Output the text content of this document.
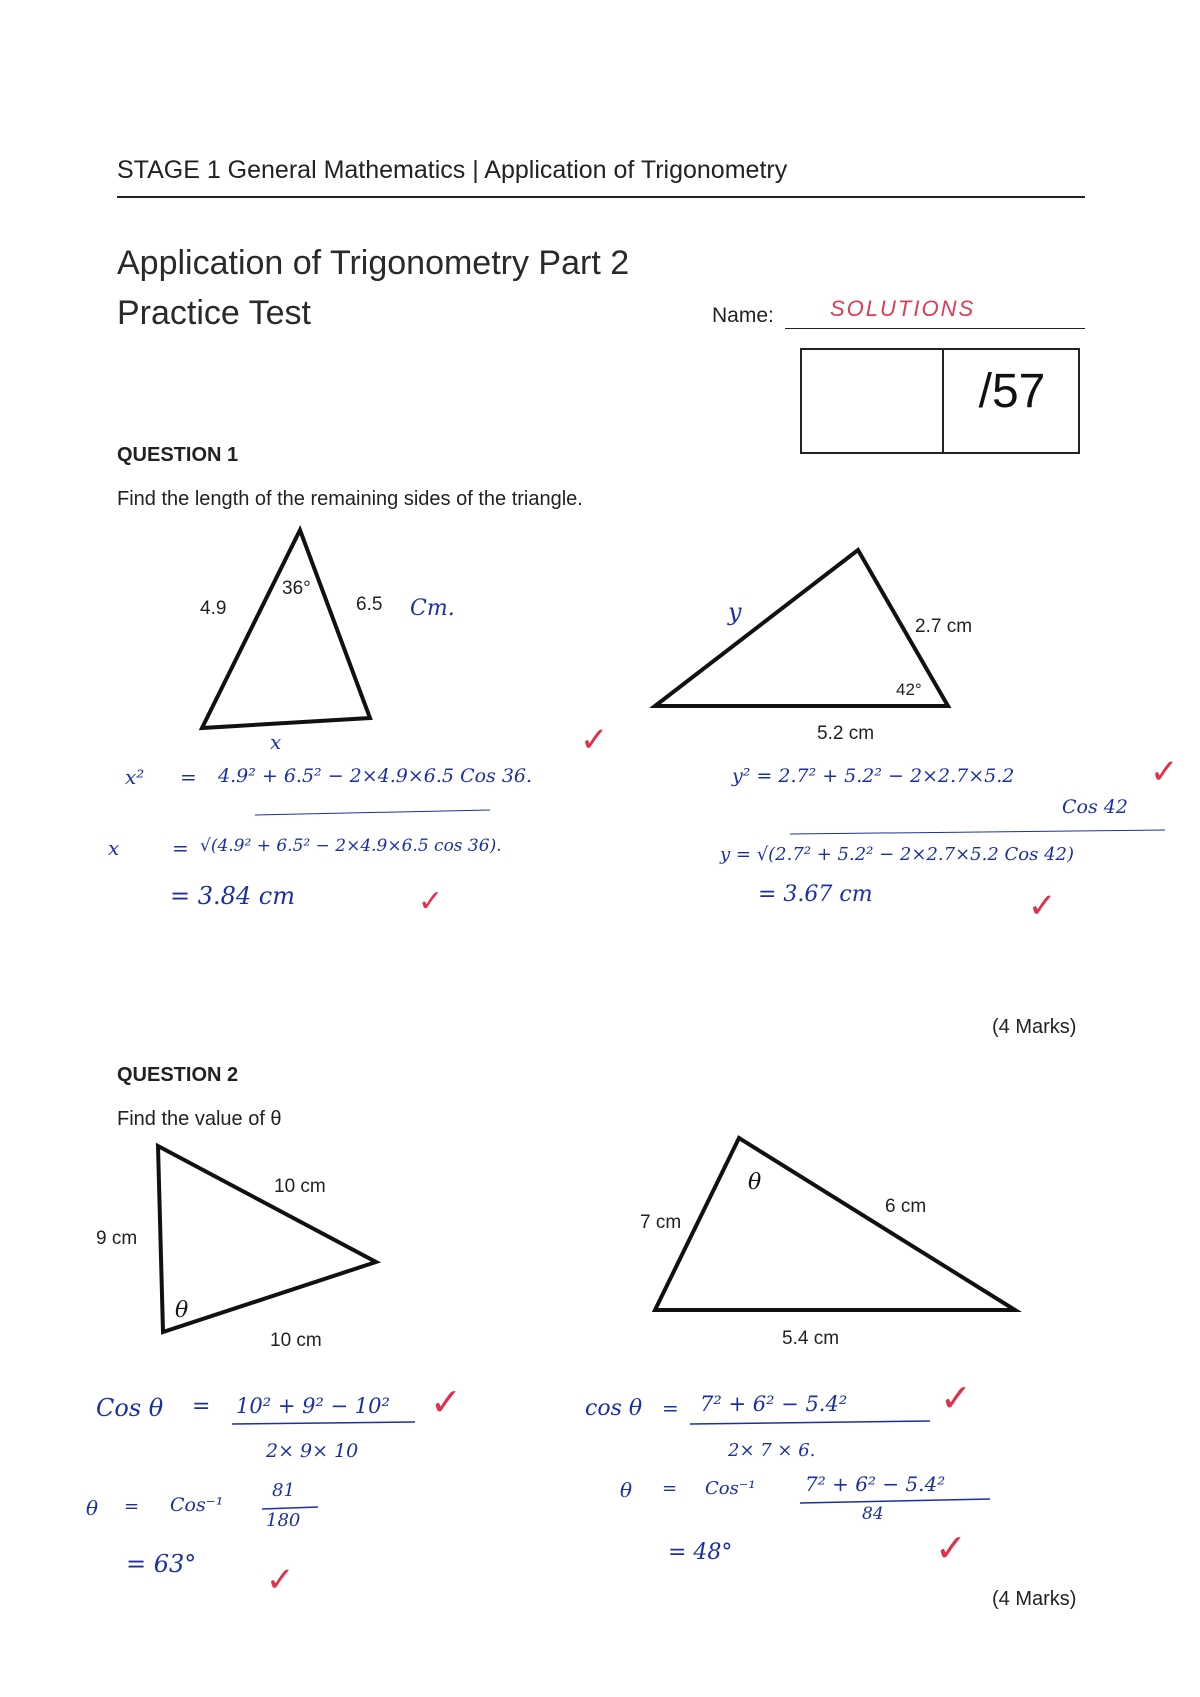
STAGE 1 General Mathematics | Application of Trigonometry
Application of Trigonometry Part 2
Practice Test	Name:	SOLUTIONS
/57
QUESTION 1
Find the length of the remaining sides of the triangle.
4.9
36°
6.5 Cm.
x
y
2.7 cm
42°
5.2 cm
x² = 4.9² + 6.5² − 2×4.9×6.5 Cos 36.
x	= √(4.9² + 6.5² − 2×4.9×6.5 cos 36).
= 3.84 cm
✓
✓
y² = 2.7² + 5.2² − 2×2.7×5.2
Cos 42
y = √(2.7² + 5.2² − 2×2.7×5.2 Cos 42)
= 3.67 cm
✓
✓
(4 Marks)
QUESTION 2
Find the value of θ
10 cm
9 cm
10 cm
θ
θ
7 cm
6 cm
5.4 cm
Cos θ = 10² + 9² − 10²
2× 9× 10
✓
θ = Cos⁻¹
81
180
= 63° ✓
cos θ = 7² + 6² − 5.4²
2× 7 × 6.
✓
θ = Cos⁻¹ 7² + 6² − 5.4²
84
= 48°	✓
(4 Marks)
